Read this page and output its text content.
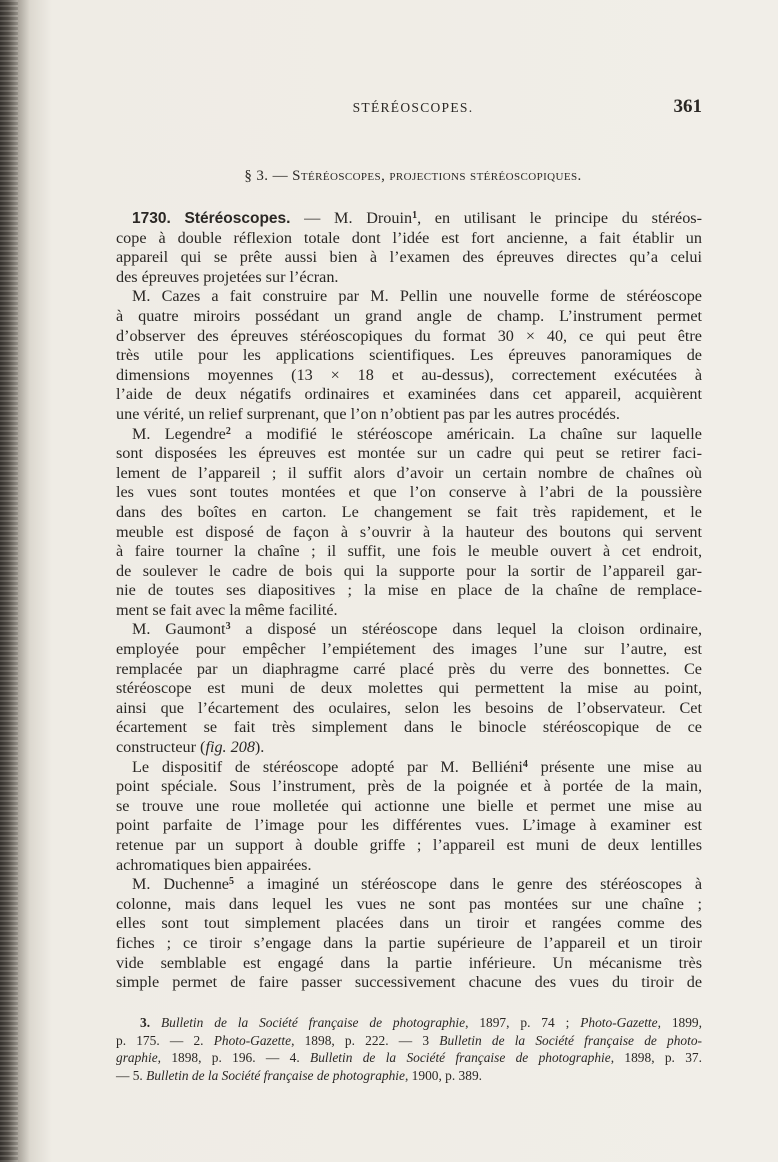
STÉRÉOSCOPES.	361
§ 3. — Stéréoscopes, projections stéréoscopiques.
1730. Stéréoscopes. — M. Drouin$^1$, en utilisant le principe du stéréos-
cope à double réflexion totale dont l’idée est fort ancienne, a fait établir un
appareil qui se prête aussi bien à l’examen des épreuves directes qu’a celui
des épreuves projetées sur l’écran.
M. Cazes a fait construire par M. Pellin une nouvelle forme de stéréoscope
à quatre miroirs possédant un grand angle de champ. L’instrument permet
d’observer des épreuves stéréoscopiques du format 30 × 40, ce qui peut être
très utile pour les applications scientifiques. Les épreuves panoramiques de
dimensions moyennes (13 × 18 et au-dessus), correctement exécutées à
l’aide de deux négatifs ordinaires et examinées dans cet appareil, acquièrent
une vérité, un relief surprenant, que l’on n’obtient pas par les autres procédés.
M. Legendre$^2$ a modifié le stéréoscope américain. La chaîne sur laquelle
sont disposées les épreuves est montée sur un cadre qui peut se retirer faci-
lement de l’appareil ; il suffit alors d’avoir un certain nombre de chaînes où
les vues sont toutes montées et que l’on conserve à l’abri de la poussière
dans des boîtes en carton. Le changement se fait très rapidement, et le
meuble est disposé de façon à s’ouvrir à la hauteur des boutons qui servent
à faire tourner la chaîne ; il suffit, une fois le meuble ouvert à cet endroit,
de soulever le cadre de bois qui la supporte pour la sortir de l’appareil gar-
nie de toutes ses diapositives ; la mise en place de la chaîne de remplace-
ment se fait avec la même facilité.
M. Gaumont$^3$ a disposé un stéréoscope dans lequel la cloison ordinaire,
employée pour empêcher l’empiétement des images l’une sur l’autre, est
remplacée par un diaphragme carré placé près du verre des bonnettes. Ce
stéréoscope est muni de deux molettes qui permettent la mise au point,
ainsi que l’écartement des oculaires, selon les besoins de l’observateur. Cet
écartement se fait très simplement dans le binocle stéréoscopique de ce
constructeur (fig. 208).
Le dispositif de stéréoscope adopté par M. Belliéni$^4$ présente une mise au
point spéciale. Sous l’instrument, près de la poignée et à portée de la main,
se trouve une roue molletée qui actionne une bielle et permet une mise au
point parfaite de l’image pour les différentes vues. L’image à examiner est
retenue par un support à double griffe ; l’appareil est muni de deux lentilles
achromatiques bien appairées.
M. Duchenne$^5$ a imaginé un stéréoscope dans le genre des stéréoscopes à
colonne, mais dans lequel les vues ne sont pas montées sur une chaîne ;
elles sont tout simplement placées dans un tiroir et rangées comme des
fiches ; ce tiroir s’engage dans la partie supérieure de l’appareil et un tiroir
vide semblable est engagé dans la partie inférieure. Un mécanisme très
simple permet de faire passer successivement chacune des vues du tiroir de
3. Bulletin de la Société française de photographie, 1897, p. 74 ; Photo-Gazette, 1899,
p. 175. — 2. Photo-Gazette, 1898, p. 222. — 3 Bulletin de la Société française de photo-
graphie, 1898, p. 196. — 4. Bulletin de la Société française de photographie, 1898, p. 37.
— 5. Bulletin de la Société française de photographie, 1900, p. 389.
